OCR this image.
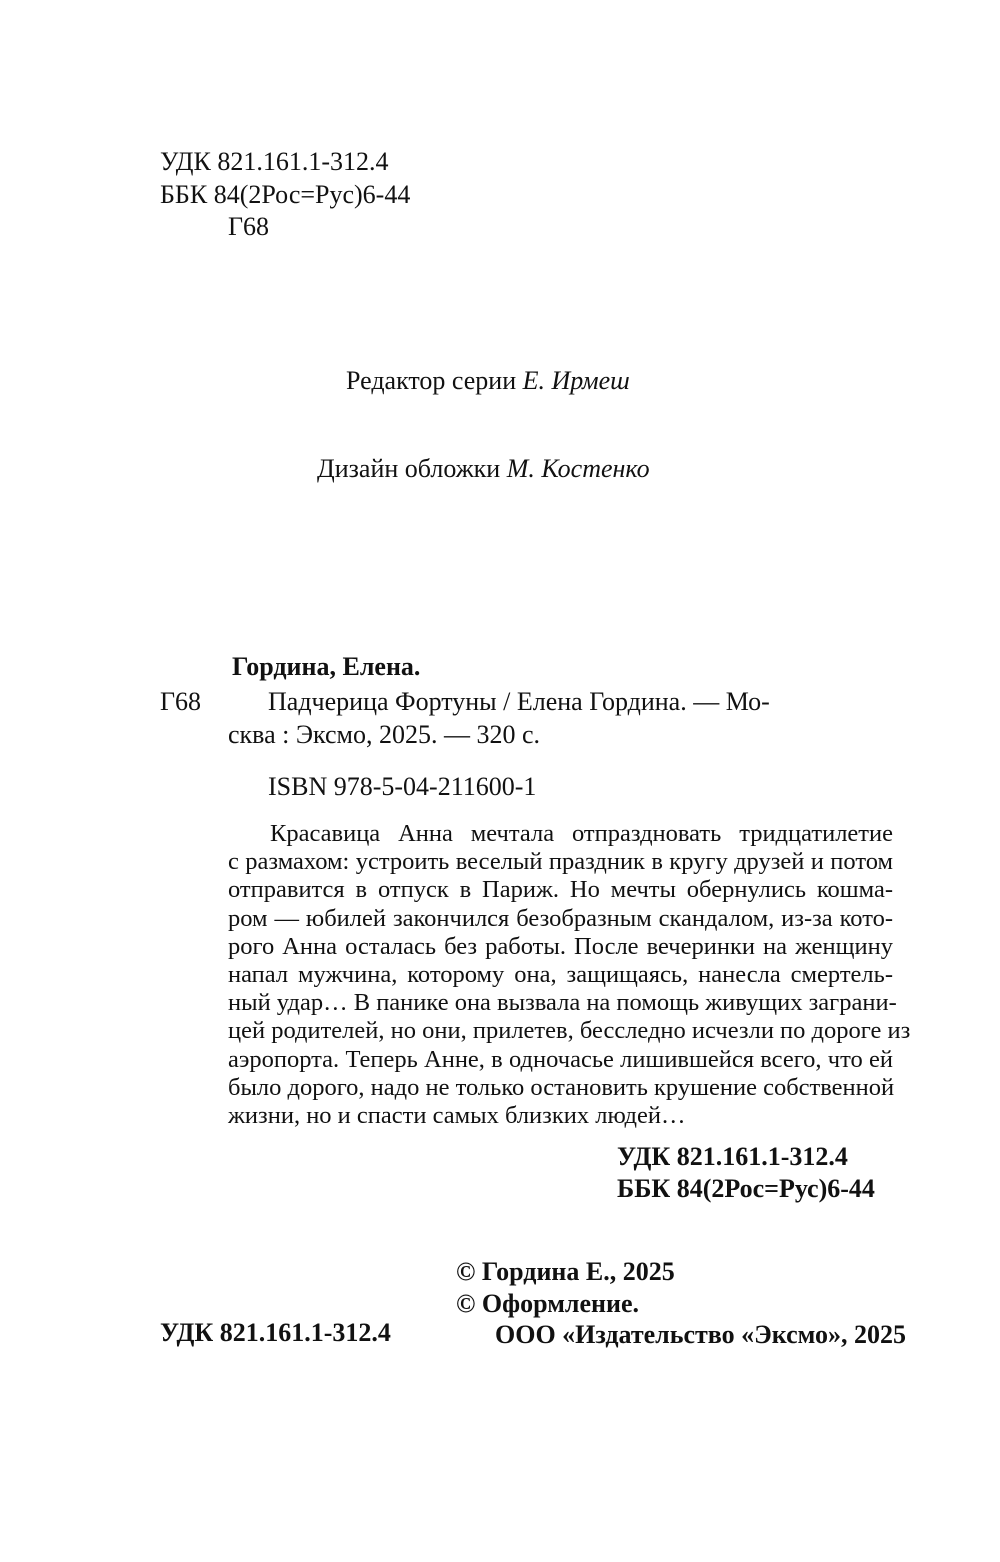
УДК 821.161.1-312.4
ББК 84(2Рос=Рус)6-44
Г68
Редактор серии Е. Ирмеш
Дизайн обложки М. Костенко
Гордина, Елена.
Г68	Падчерица Фортуны / Елена Гордина. — Мо-
сква : Эксмо, 2025. — 320 с.
ISBN 978-5-04-211600-1

Красавица Анна мечтала отпраздновать тридцатилетие

с размахом: устроить веселый праздник в кругу друзей и потом

отправится в отпуск в Париж. Но мечты обернулись кошма-

ром — юбилей закончился безобразным скандалом, из-за кото-

рого Анна осталась без работы. После вечеринки на женщину

напал мужчина, которому она, защищаясь, нанесла смертель-

ный удар… В панике она вызвала на помощь живущих заграни-

цей родителей, но они, прилетев, бесследно исчезли по дороге из

аэропорта. Теперь Анне, в одночасье лишившейся всего, что ей

было дорого, надо не только остановить крушение собственной

жизни, но и спасти самых близких людей…

УДК 821.161.1-312.4
ББК 84(2Рос=Рус)6-44
© Гордина Е., 2025
© Оформление.
УДК 821.161.1-312.4	ООО «Издательство «Эксмо», 2025
